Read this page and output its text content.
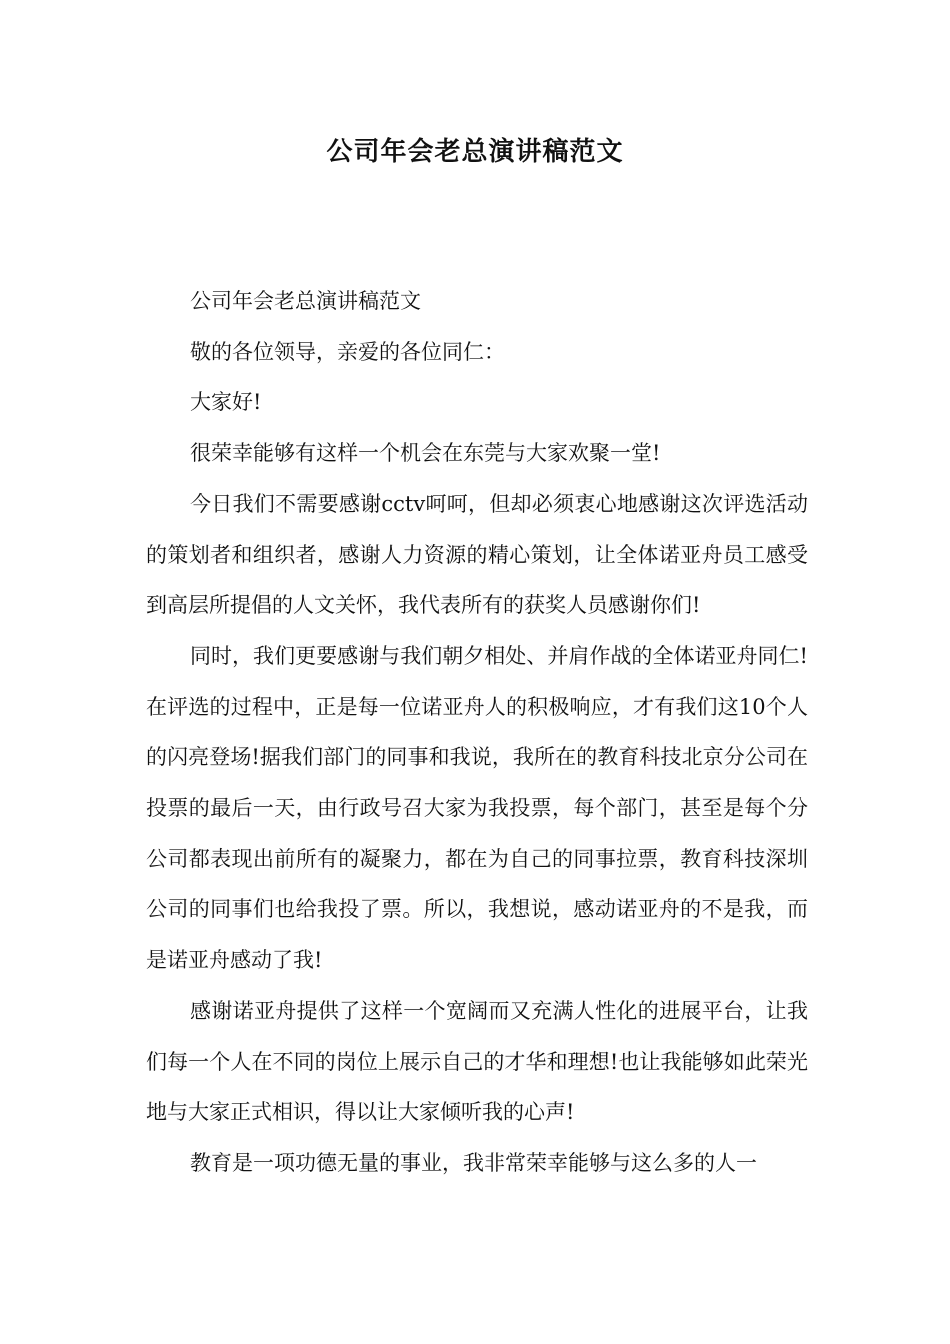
公司年会老总演讲稿范文

公司年会老总演讲稿范文

敬的各位领导，亲爱的各位同仁：

大家好!

很荣幸能够有这样一个机会在东莞与大家欢聚一堂!

今日我们不需要感谢cctv呵呵，但却必须衷心地感谢这次评选活动的策划者和组织者，感谢人力资源的精心策划，让全体诺亚舟员工感受到高层所提倡的人文关怀，我代表所有的获奖人员感谢你们!

同时，我们更要感谢与我们朝夕相处、并肩作战的全体诺亚舟同仁!在评选的过程中，正是每一位诺亚舟人的积极响应，才有我们这10个人的闪亮登场!据我们部门的同事和我说，我所在的教育科技北京分公司在投票的最后一天，由行政号召大家为我投票，每个部门，甚至是每个分公司都表现出前所有的凝聚力，都在为自己的同事拉票，教育科技深圳公司的同事们也给我投了票。所以，我想说，感动诺亚舟的不是我，而是诺亚舟感动了我!

感谢诺亚舟提供了这样一个宽阔而又充满人性化的进展平台，让我们每一个人在不同的岗位上展示自己的才华和理想!也让我能够如此荣光地与大家正式相识，得以让大家倾听我的心声!

教育是一项功德无量的事业，我非常荣幸能够与这么多的人一
